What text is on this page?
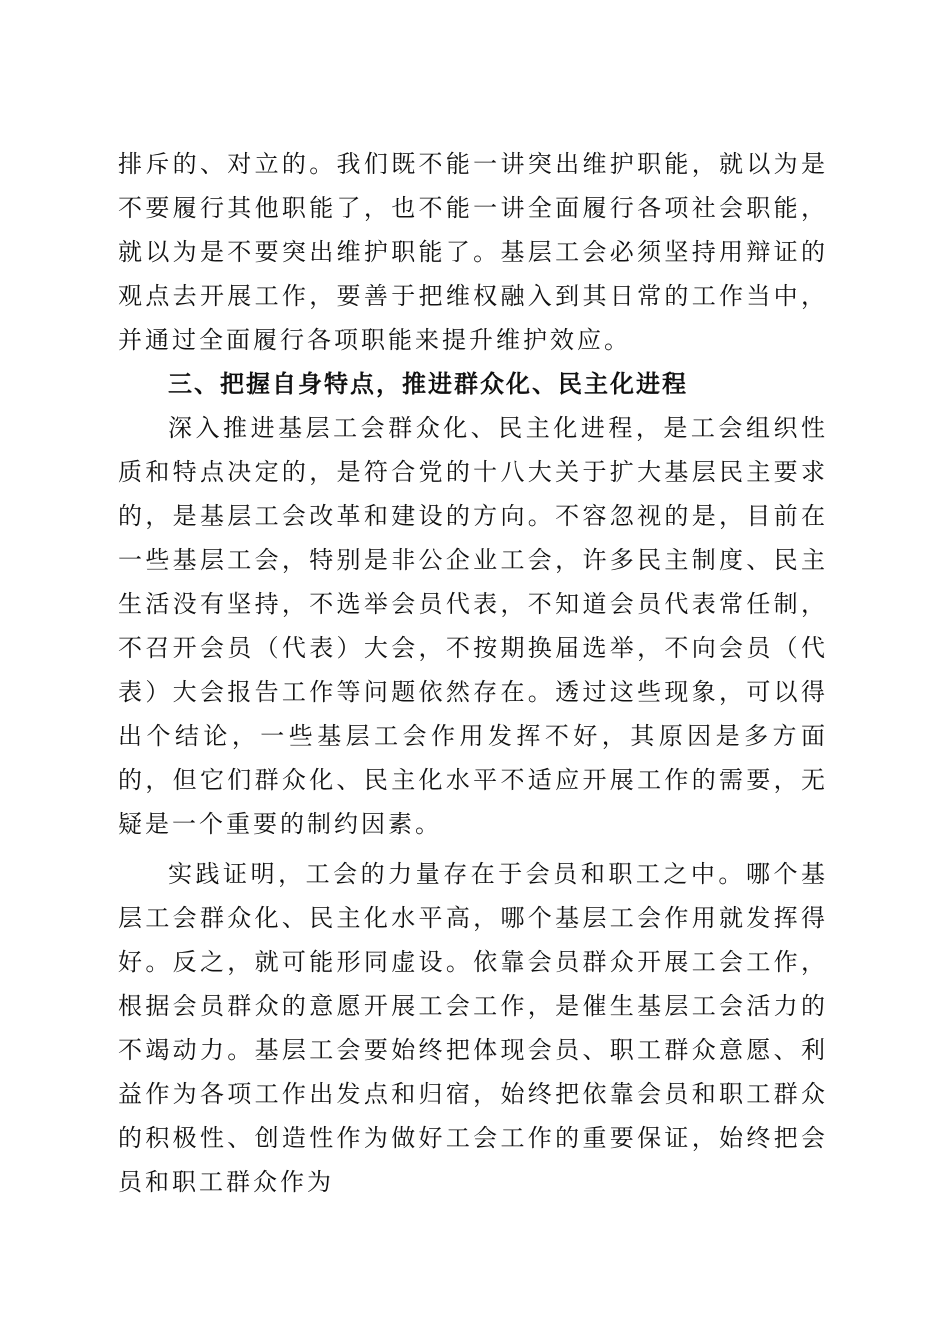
排斥的、对立的。我们既不能一讲突出维护职能，就以为是不要履行其他职能了，也不能一讲全面履行各项社会职能，就以为是不要突出维护职能了。基层工会必须坚持用辩证的观点去开展工作，要善于把维权融入到其日常的工作当中，并通过全面履行各项职能来提升维护效应。

三、把握自身特点，推进群众化、民主化进程

深入推进基层工会群众化、民主化进程，是工会组织性质和特点决定的，是符合党的十八大关于扩大基层民主要求的，是基层工会改革和建设的方向。不容忽视的是，目前在一些基层工会，特别是非公企业工会，许多民主制度、民主生活没有坚持，不选举会员代表，不知道会员代表常任制，不召开会员（代表）大会，不按期换届选举，不向会员（代表）大会报告工作等问题依然存在。透过这些现象，可以得出个结论，一些基层工会作用发挥不好，其原因是多方面的，但它们群众化、民主化水平不适应开展工作的需要，无疑是一个重要的制约因素。

实践证明，工会的力量存在于会员和职工之中。哪个基层工会群众化、民主化水平高，哪个基层工会作用就发挥得好。反之，就可能形同虚设。依靠会员群众开展工会工作，根据会员群众的意愿开展工会工作，是催生基层工会活力的不竭动力。基层工会要始终把体现会员、职工群众意愿、利益作为各项工作出发点和归宿，始终把依靠会员和职工群众的积极性、创造性作为做好工会工作的重要保证，始终把会员和职工群众作为
